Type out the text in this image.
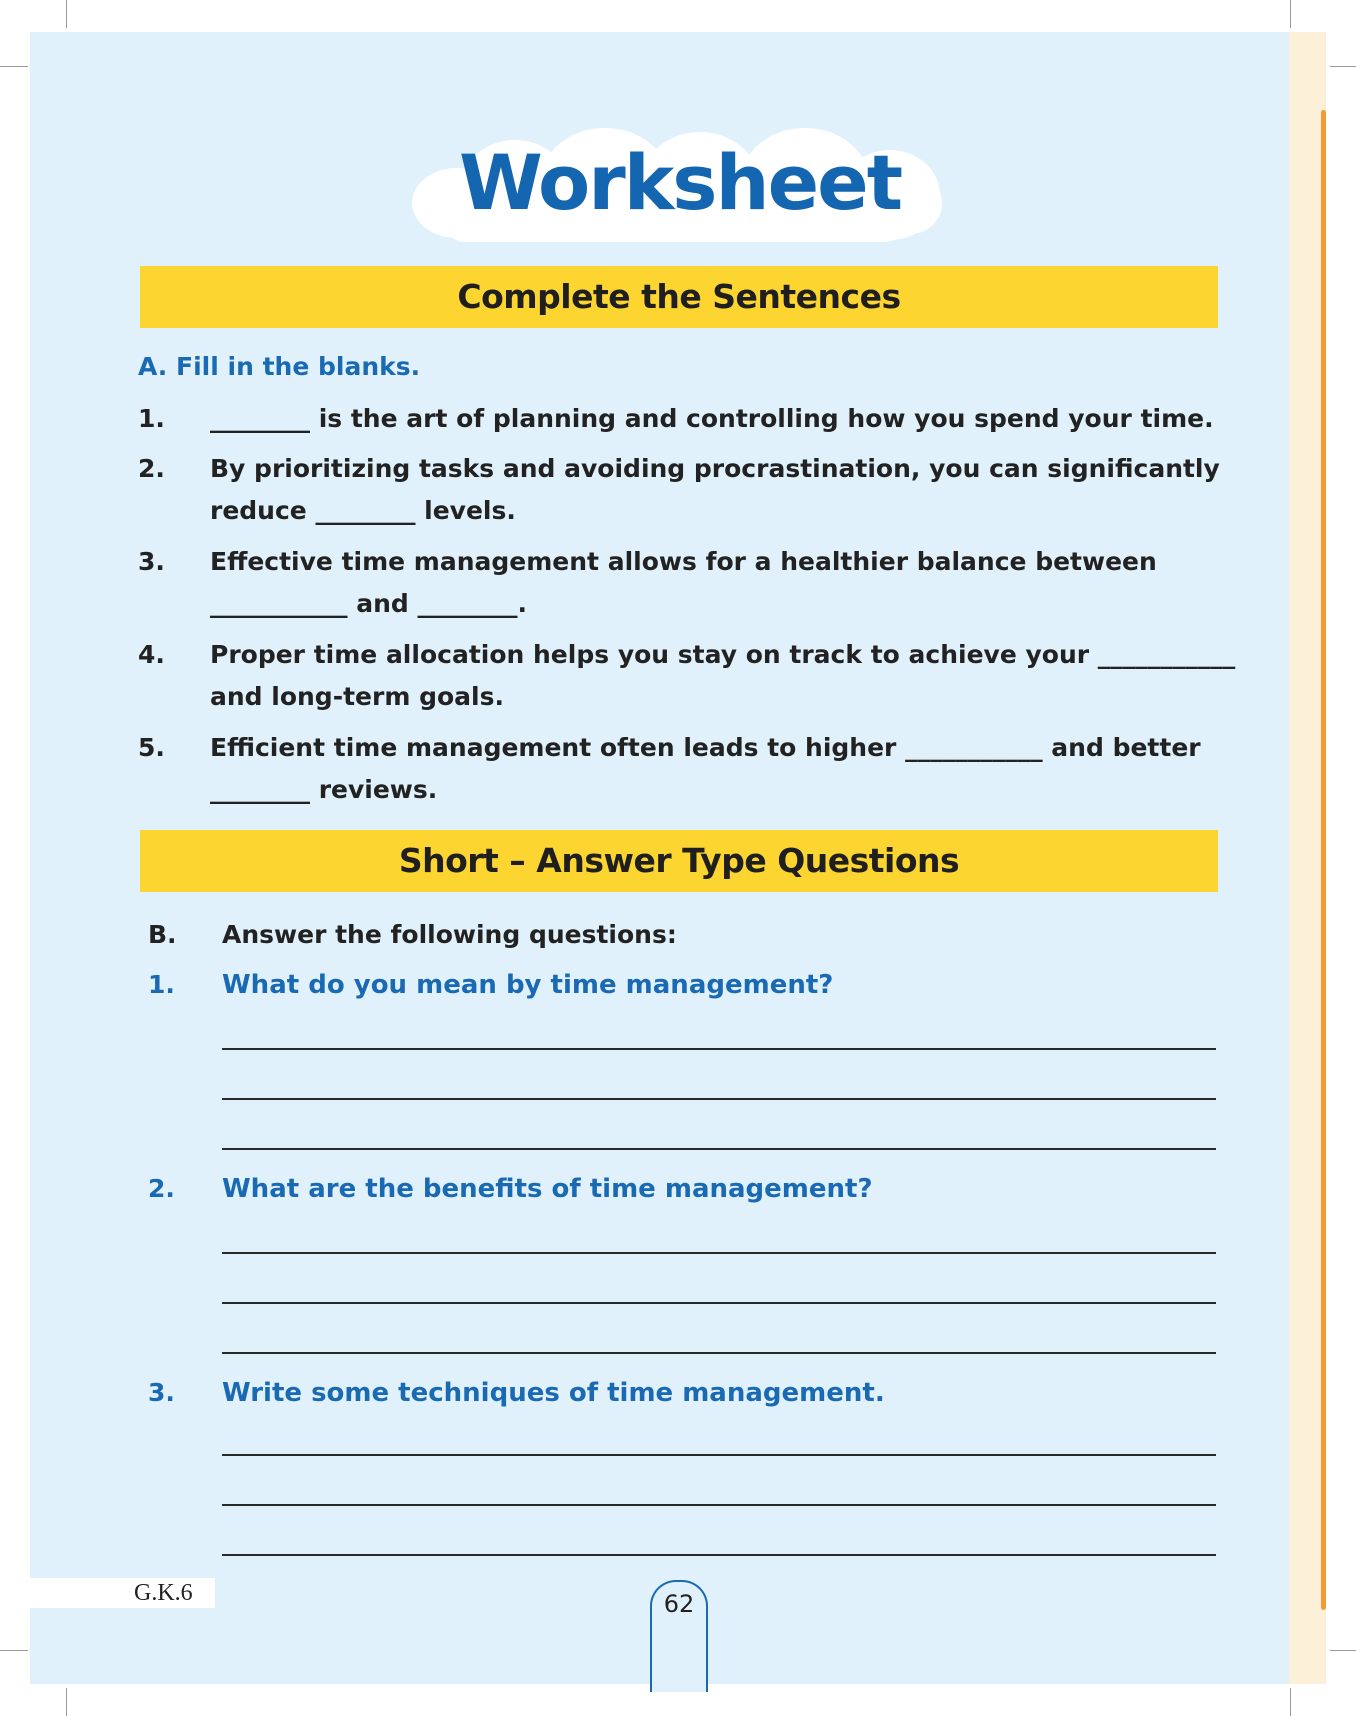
Worksheet
Complete the Sentences
A. Fill in the blanks.
1. ________ is the art of planning and controlling how you spend your time.
2. By prioritizing tasks and avoiding procrastination, you can significantly
reduce ________ levels.
3. Effective time management allows for a healthier balance between
___________ and ________.
4. Proper time allocation helps you stay on track to achieve your ___________
and long-term goals.
5. Efficient time management often leads to higher ___________ and better
________ reviews.
Short – Answer Type Questions
B. Answer the following questions:
1. What do you mean by time management?
2. What are the benefits of time management?
3. Write some techniques of time management.
G.K.6	62
